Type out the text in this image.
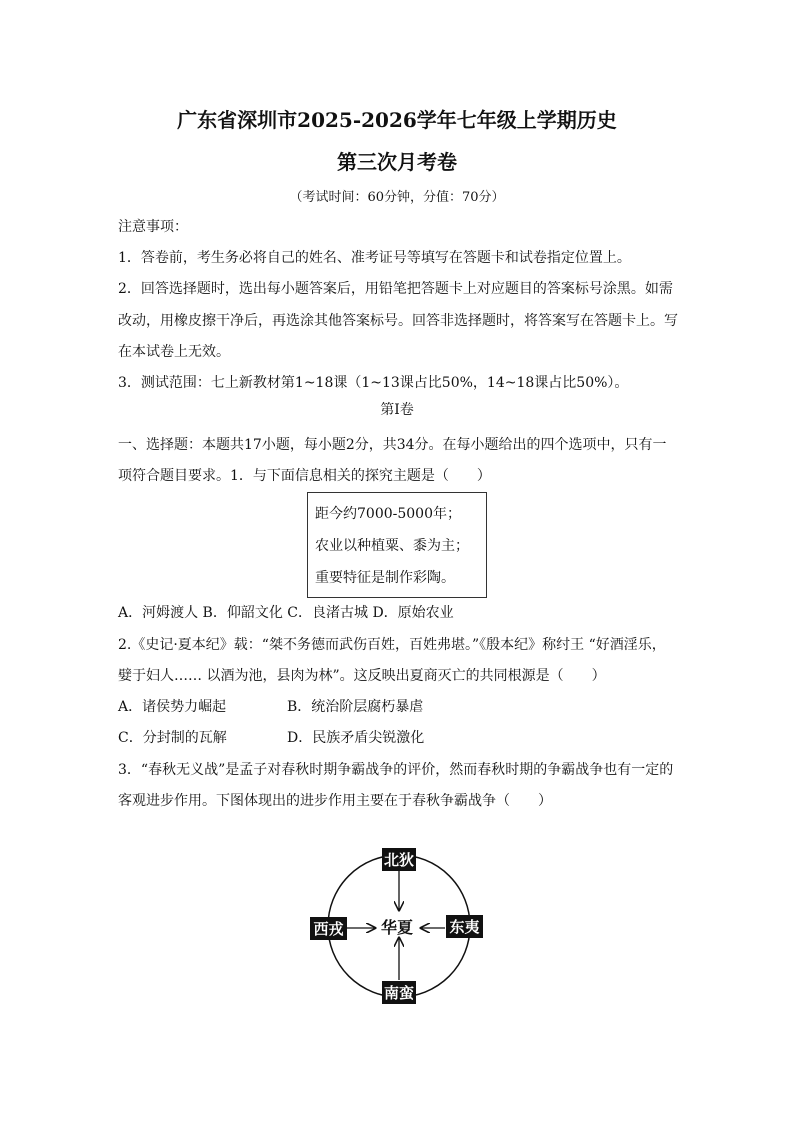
广东省深圳市2025-2026学年七年级上学期历史
第三次月考卷
（考试时间：60分钟，分值：70分）
注意事项：
1．答卷前，考生务必将自己的姓名、准考证号等填写在答题卡和试卷指定位置上。
2．回答选择题时，选出每小题答案后，用铅笔把答题卡上对应题目的答案标号涂黑。如需
改动，用橡皮擦干净后，再选涂其他答案标号。回答非选择题时，将答案写在答题卡上。写
在本试卷上无效。
3．测试范围：七上新教材第1~18课（1~13课占比50%，14~18课占比50%）。
第Ⅰ卷
一、选择题：本题共17小题，每小题2分，共34分。在每小题给出的四个选项中，只有一
项符合题目要求。1．与下面信息相关的探究主题是（　　）
距今约7000-5000年；
农业以种植粟、黍为主；
重要特征是制作彩陶。
A．河姆渡人 B．仰韶文化 C．良渚古城 D．原始农业
2.《史记·夏本纪》载：“桀不务德而武伤百姓，百姓弗堪。”《殷本纪》称纣王 “好酒淫乐，
嬖于妇人…… 以酒为池，县肉为林”。这反映出夏商灭亡的共同根源是（　　）
A．诸侯势力崛起	B．统治阶层腐朽暴虐
C．分封制的瓦解	D．民族矛盾尖锐激化
3．“春秋无义战”是孟子对春秋时期争霸战争的评价，然而春秋时期的争霸战争也有一定的
客观进步作用。下图体现出的进步作用主要在于春秋争霸战争（　　）
北狄
南蛮
西戎	东夷
华夏
